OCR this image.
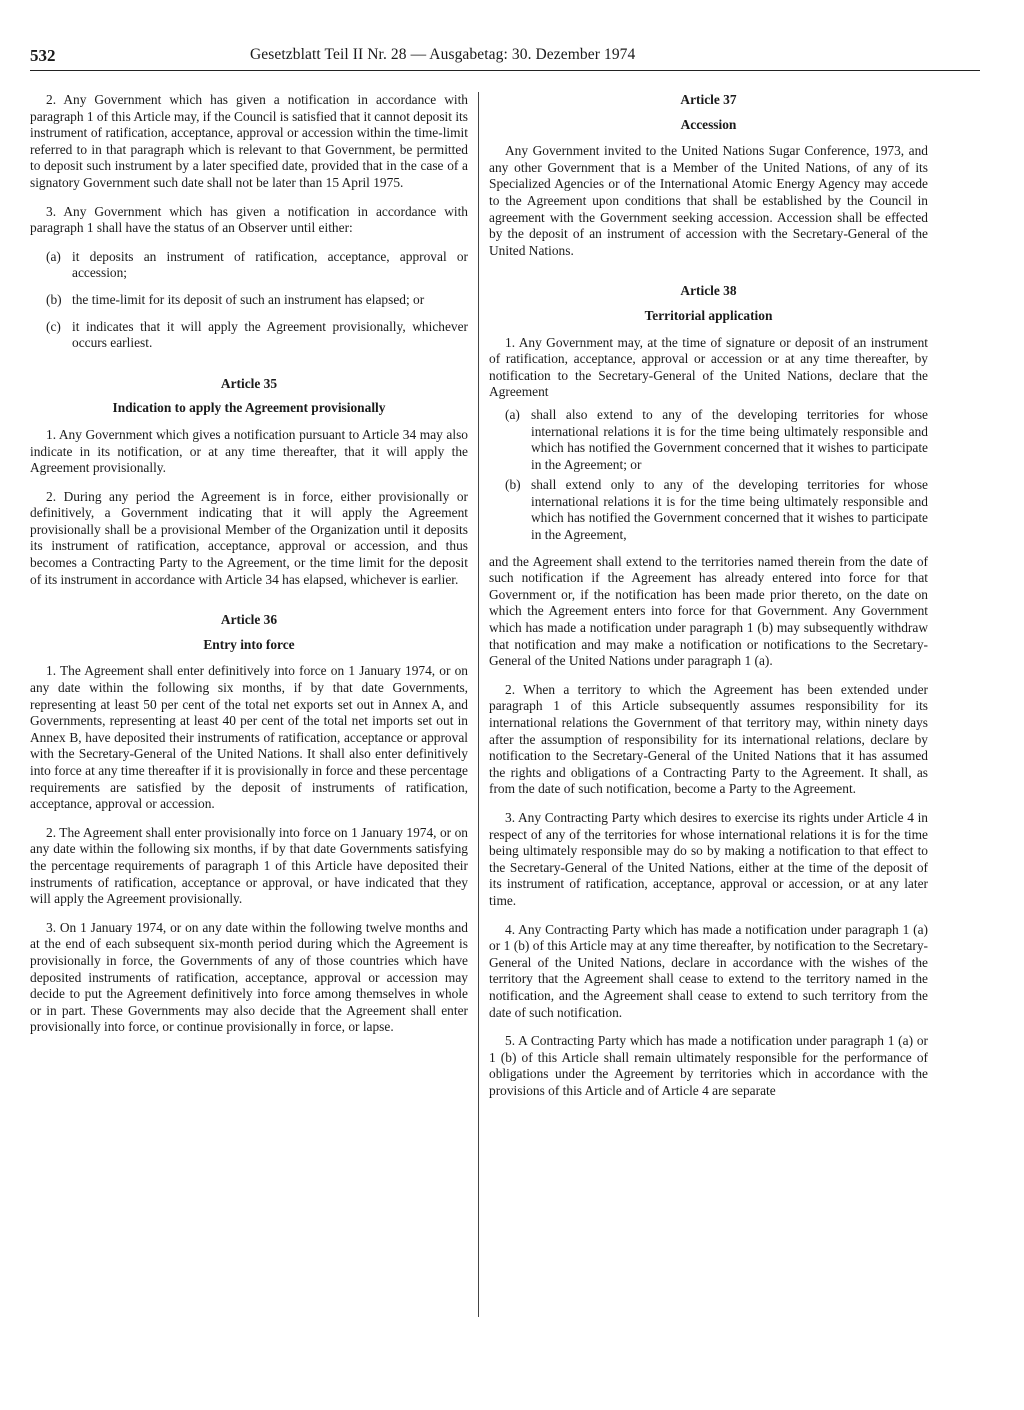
532	Gesetzblatt Teil II Nr. 28 — Ausgabetag: 30. Dezember 1974

2. Any Government which has given a notification in accordance with paragraph 1 of this Article may, if the Council is satisfied that it cannot deposit its instrument of ratification, acceptance, approval or accession within the time-limit referred to in that paragraph which is relevant to that Government, be permitted to deposit such instrument by a later specified date, provided that in the case of a signatory Government such date shall not be later than 15 April 1975.

3. Any Government which has given a notification in accordance with paragraph 1 shall have the status of an Observer until either:

(a) it deposits an instrument of ratification, acceptance, approval or accession;
(b) the time-limit for its deposit of such an instrument has elapsed; or
(c) it indicates that it will apply the Agreement provisionally, whichever occurs earliest.
Article 35
Indication to apply the Agreement provisionally

1. Any Government which gives a notification pursuant to Article 34 may also indicate in its notification, or at any time thereafter, that it will apply the Agreement provisionally.

2. During any period the Agreement is in force, either provisionally or definitively, a Government indicating that it will apply the Agreement provisionally shall be a provisional Member of the Organization until it deposits its instrument of ratification, acceptance, approval or accession, and thus becomes a Contracting Party to the Agreement, or the time limit for the deposit of its instrument in accordance with Article 34 has elapsed, whichever is earlier.

Article 36
Entry into force

1. The Agreement shall enter definitively into force on 1 January 1974, or on any date within the following six months, if by that date Governments, representing at least 50 per cent of the total net exports set out in Annex A, and Governments, representing at least 40 per cent of the total net imports set out in Annex B, have deposited their instruments of ratification, acceptance or approval with the Secretary-General of the United Nations. It shall also enter definitively into force at any time thereafter if it is provisionally in force and these percentage requirements are satisfied by the deposit of instruments of ratification, acceptance, approval or accession.

2. The Agreement shall enter provisionally into force on 1 January 1974, or on any date within the following six months, if by that date Governments satisfying the percentage requirements of paragraph 1 of this Article have deposited their instruments of ratification, acceptance or approval, or have indicated that they will apply the Agreement provisionally.

3. On 1 January 1974, or on any date within the following twelve months and at the end of each subsequent six-month period during which the Agreement is provisionally in force, the Governments of any of those countries which have deposited instruments of ratification, acceptance, approval or accession may decide to put the Agreement definitively into force among themselves in whole or in part. These Governments may also decide that the Agreement shall enter provisionally into force, or continue provisionally in force, or lapse.

Article 37
Accession

Any Government invited to the United Nations Sugar Conference, 1973, and any other Government that is a Member of the United Nations, of any of its Specialized Agencies or of the International Atomic Energy Agency may accede to the Agreement upon conditions that shall be established by the Council in agreement with the Government seeking accession. Accession shall be effected by the deposit of an instrument of accession with the Secretary-General of the United Nations.

Article 38
Territorial application

1. Any Government may, at the time of signature or deposit of an instrument of ratification, acceptance, approval or accession or at any time thereafter, by notification to the Secretary-General of the United Nations, declare that the Agreement

(a) shall also extend to any of the developing territories for whose international relations it is for the time being ultimately responsible and which has notified the Government concerned that it wishes to participate in the Agreement; or
(b) shall extend only to any of the developing territories for whose international relations it is for the time being ultimately responsible and which has notified the Government concerned that it wishes to participate in the Agreement,

and the Agreement shall extend to the territories named therein from the date of such notification if the Agreement has already entered into force for that Government or, if the notification has been made prior thereto, on the date on which the Agreement enters into force for that Government. Any Government which has made a notification under paragraph 1 (b) may subsequently withdraw that notification and may make a notification or notifications to the Secretary-General of the United Nations under paragraph 1 (a).

2. When a territory to which the Agreement has been extended under paragraph 1 of this Article subsequently assumes responsibility for its international relations the Government of that territory may, within ninety days after the assumption of responsibility for its international relations, declare by notification to the Secretary-General of the United Nations that it has assumed the rights and obligations of a Contracting Party to the Agreement. It shall, as from the date of such notification, become a Party to the Agreement.

3. Any Contracting Party which desires to exercise its rights under Article 4 in respect of any of the territories for whose international relations it is for the time being ultimately responsible may do so by making a notification to that effect to the Secretary-General of the United Nations, either at the time of the deposit of its instrument of ratification, acceptance, approval or accession, or at any later time.

4. Any Contracting Party which has made a notification under paragraph 1 (a) or 1 (b) of this Article may at any time thereafter, by notification to the Secretary-General of the United Nations, declare in accordance with the wishes of the territory that the Agreement shall cease to extend to the territory named in the notification, and the Agreement shall cease to extend to such territory from the date of such notification.

5. A Contracting Party which has made a notification under paragraph 1 (a) or 1 (b) of this Article shall remain ultimately responsible for the performance of obligations under the Agreement by territories which in accordance with the provisions of this Article and of Article 4 are separate
